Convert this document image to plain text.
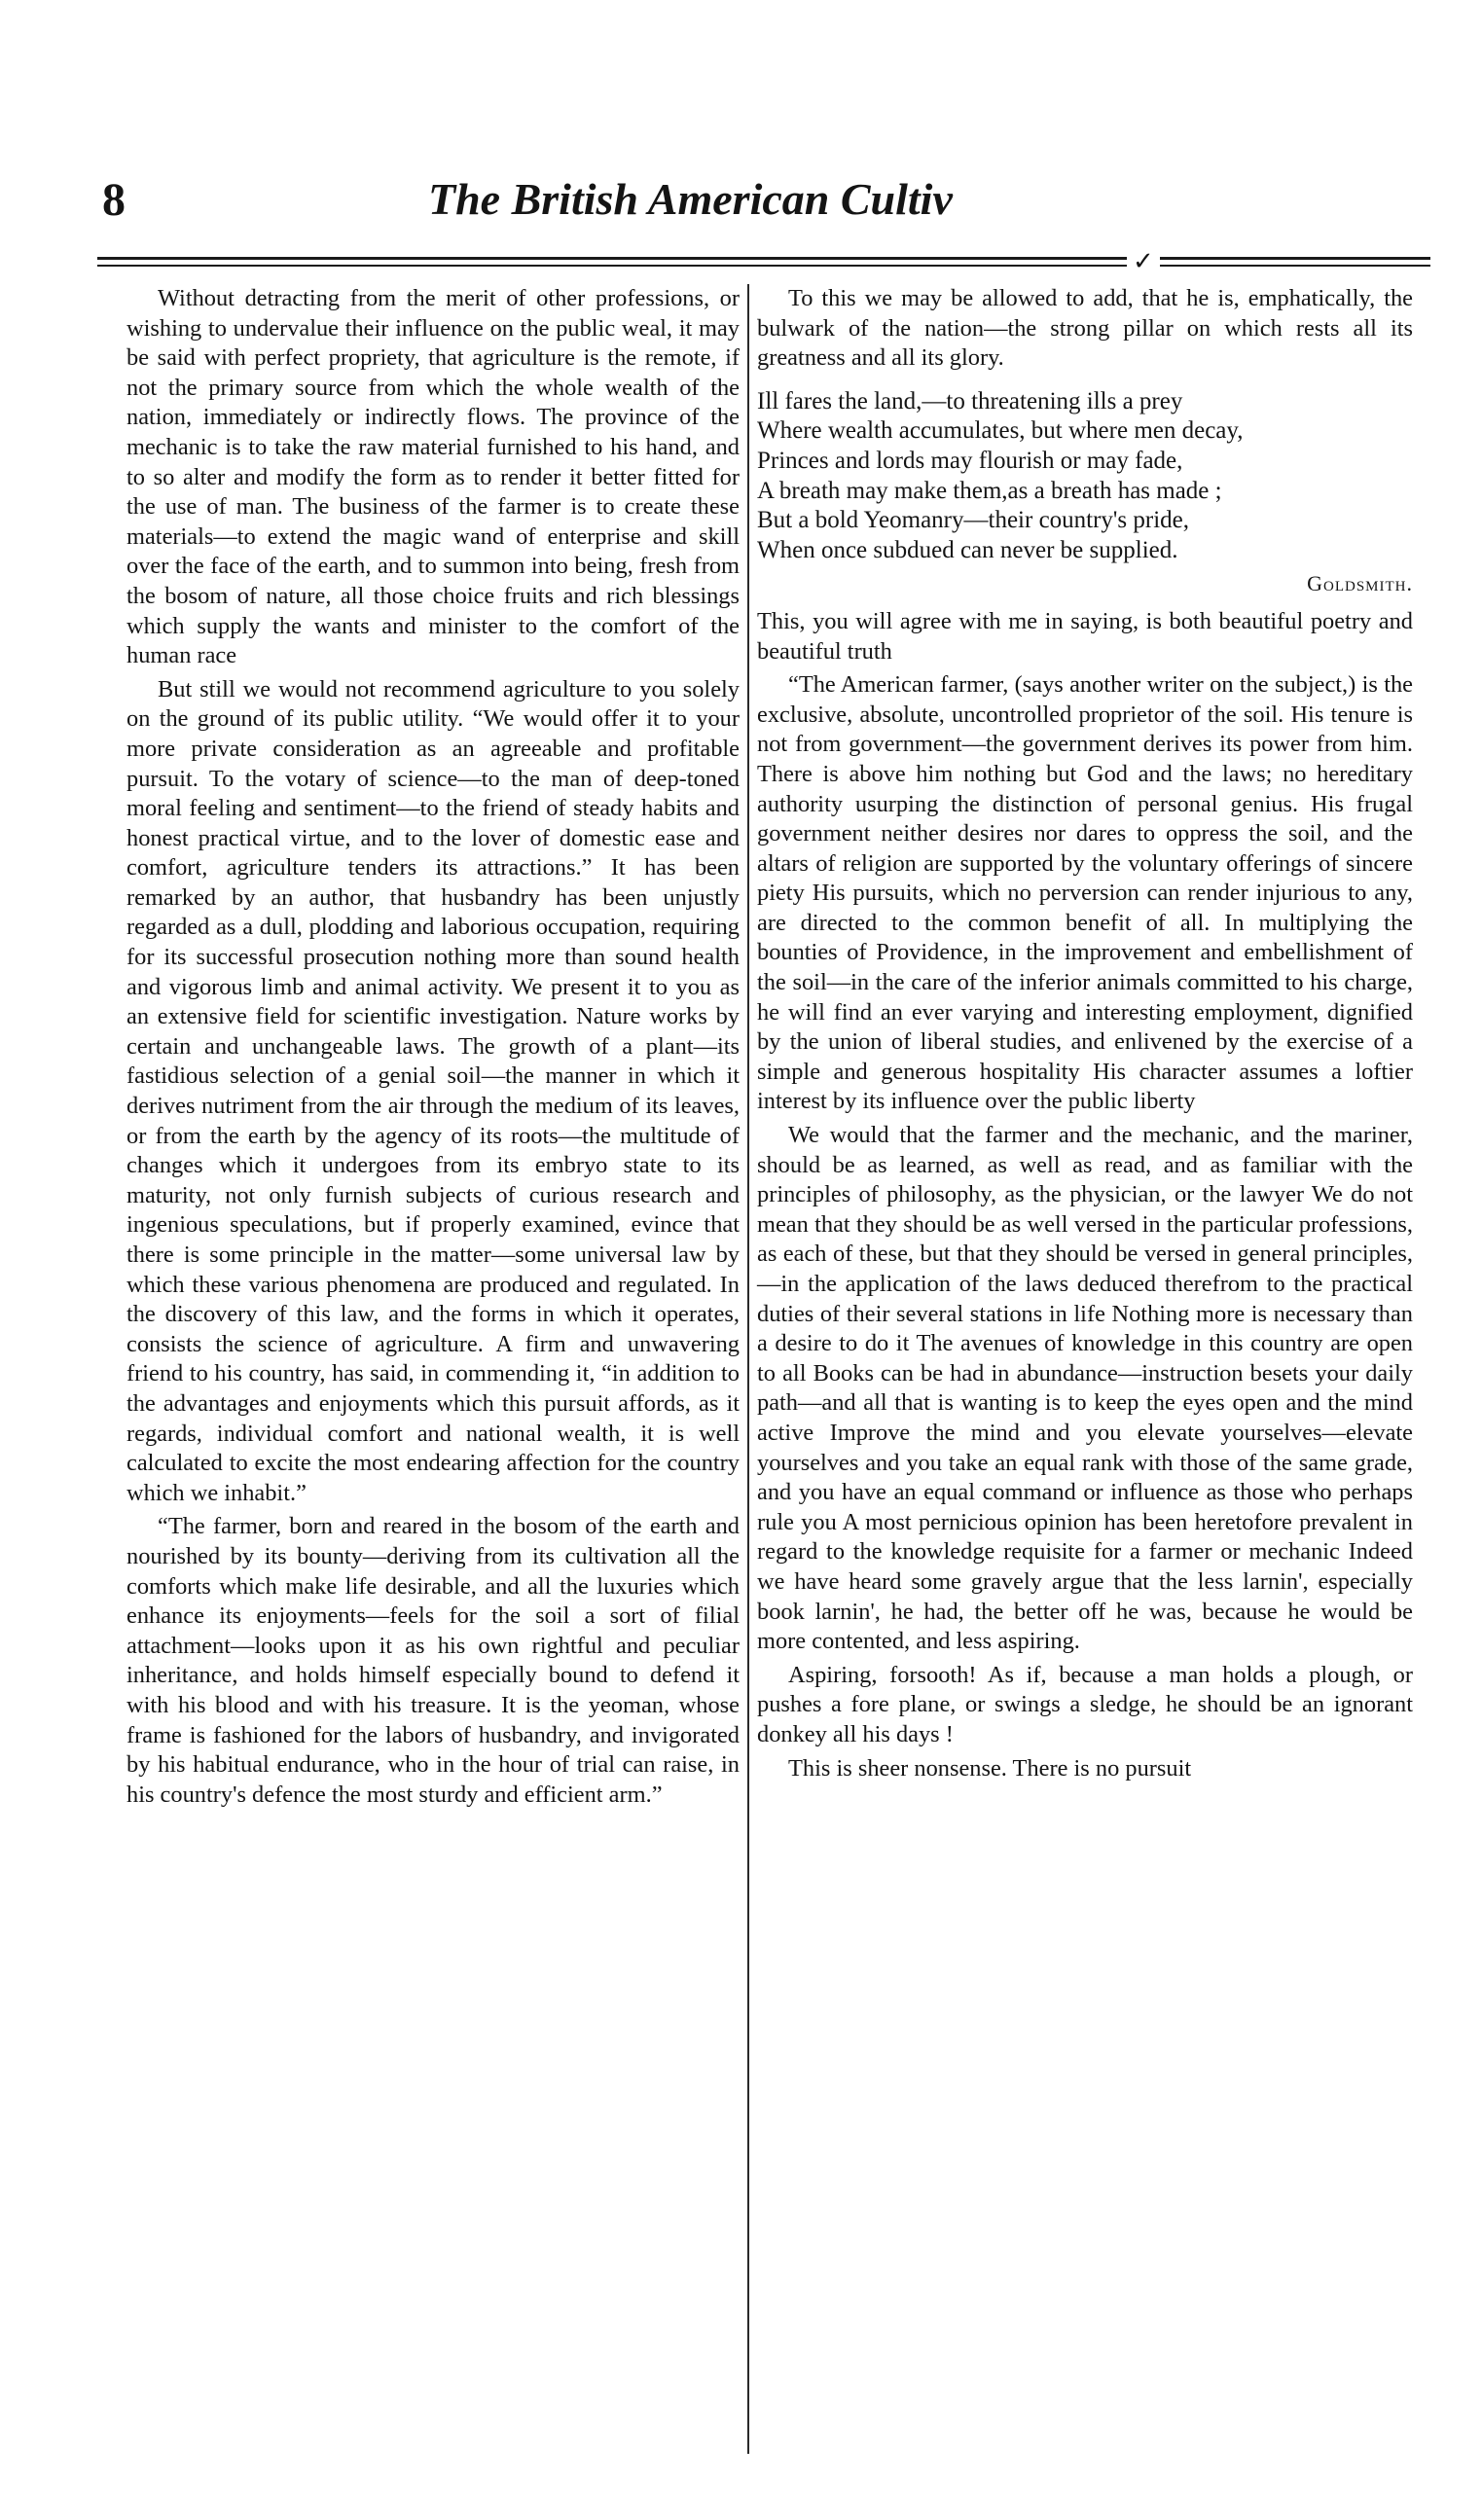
8	The British American Cultiv
✓

Without detracting from the merit of other professions, or wishing to undervalue their influence on the public weal, it may be said with perfect propriety, that agriculture is the remote, if not the primary source from which the whole wealth of the nation, immediately or indirectly flows. The province of the mechanic is to take the raw material furnished to his hand, and to so alter and modify the form as to render it better fitted for the use of man. The business of the farmer is to create these materials—to extend the magic wand of enterprise and skill over the face of the earth, and to summon into being, fresh from the bosom of nature, all those choice fruits and rich blessings which supply the wants and minister to the comfort of the human race

But still we would not recommend agriculture to you solely on the ground of its public utility. “We would offer it to your more private consideration as an agreeable and profitable pursuit. To the votary of science—to the man of deep-toned moral feeling and sentiment—to the friend of steady habits and honest practical virtue, and to the lover of domestic ease and comfort, agriculture tenders its attractions.” It has been remarked by an author, that husbandry has been unjustly regarded as a dull, plodding and laborious occupation, requiring for its successful prosecution nothing more than sound health and vigorous limb and animal activity. We present it to you as an extensive field for scientific investigation. Nature works by certain and unchangeable laws. The growth of a plant—its fastidious selection of a genial soil—the manner in which it derives nutriment from the air through the medium of its leaves, or from the earth by the agency of its roots—the multitude of changes which it undergoes from its embryo state to its maturity, not only furnish subjects of curious research and ingenious speculations, but if properly examined, evince that there is some principle in the matter—some universal law by which these various phenomena are produced and regulated. In the discovery of this law, and the forms in which it operates, consists the science of agriculture. A firm and unwavering friend to his country, has said, in commending it, “in addition to the advantages and enjoyments which this pursuit affords, as it regards, individual comfort and national wealth, it is well calculated to excite the most endearing affection for the country which we inhabit.”

“The farmer, born and reared in the bosom of the earth and nourished by its bounty—deriving from its cultivation all the comforts which make life desirable, and all the luxuries which enhance its enjoyments—feels for the soil a sort of filial attachment—looks upon it as his own rightful and peculiar inheritance, and holds himself especially bound to defend it with his blood and with his treasure. It is the yeoman, whose frame is fashioned for the labors of husbandry, and invigorated by his habitual endurance, who in the hour of trial can raise, in his country's defence the most sturdy and efficient arm.”

To this we may be allowed to add, that he is, emphatically, the bulwark of the nation—the strong pillar on which rests all its greatness and all its glory.

Ill fares the land,—to threatening ills a prey
Where wealth accumulates, but where men decay,
Princes and lords may flourish or may fade,
A breath may make them,as a breath has made ;
But a bold Yeomanry—their country's pride,
When once subdued can never be supplied.
Goldsmith.

This, you will agree with me in saying, is both beautiful poetry and beautiful truth

“The American farmer, (says another writer on the subject,) is the exclusive, absolute, uncontrolled proprietor of the soil. His tenure is not from government—the government derives its power from him. There is above him nothing but God and the laws; no hereditary authority usurping the distinction of personal genius. His frugal government neither desires nor dares to oppress the soil, and the altars of religion are supported by the voluntary offerings of sincere piety His pursuits, which no perversion can render injurious to any, are directed to the common benefit of all. In multiplying the bounties of Providence, in the improvement and embellishment of the soil—in the care of the inferior animals committed to his charge, he will find an ever varying and interesting employment, dignified by the union of liberal studies, and enlivened by the exercise of a simple and generous hospitality His character assumes a loftier interest by its influence over the public liberty

We would that the farmer and the mechanic, and the mariner, should be as learned, as well as read, and as familiar with the principles of philosophy, as the physician, or the lawyer We do not mean that they should be as well versed in the particular professions, as each of these, but that they should be versed in general principles,—in the application of the laws deduced therefrom to the practical duties of their several stations in life Nothing more is necessary than a desire to do it The avenues of knowledge in this country are open to all Books can be had in abundance—instruction besets your daily path—and all that is wanting is to keep the eyes open and the mind active Improve the mind and you elevate yourselves—elevate yourselves and you take an equal rank with those of the same grade, and you have an equal command or influence as those who perhaps rule you A most pernicious opinion has been heretofore prevalent in regard to the knowledge requisite for a farmer or mechanic Indeed we have heard some gravely argue that the less larnin', especially book larnin', he had, the better off he was, because he would be more contented, and less aspiring.

Aspiring, forsooth! As if, because a man holds a plough, or pushes a fore plane, or swings a sledge, he should be an ignorant donkey all his days !

This is sheer nonsense. There is no pursuit
